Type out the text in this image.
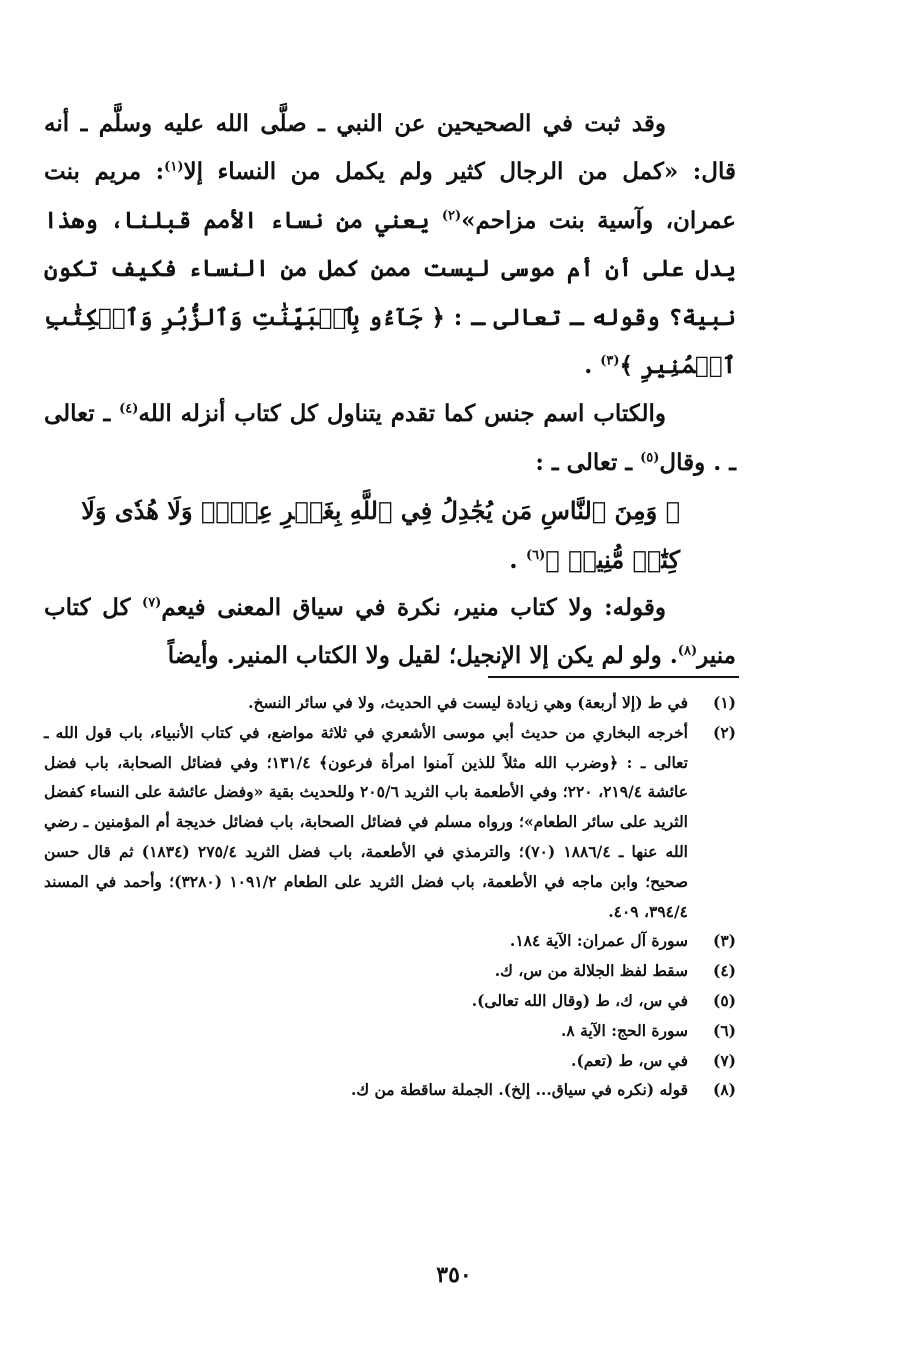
وقد ثبت في الصحيحين عن النبي ـ صلَّى الله عليه وسلَّم ـ أنه قال: «كمل من الرجال كثير ولم يكمل من النساء إلا$^{(١)}$: مريم بنت عمران، وآسية بنت مزاحم»$^{(٢)}$ يعني من نساء الأمم قبلنا، وهذا يدل على أن أم موسى ليست ممن كمل من النساء فكيف تكون نبية؟ وقوله ـ تعالى ـ : ﴿ جَآءُو بِٱلۡبَيِّنَٰتِ وَٱلزُّبُرِ وَٱلۡكِتَٰبِ ٱلۡمُنِيرِ ﴾$^{(٣)}$ .

والكتاب اسم جنس كما تقدم يتناول كل كتاب أنزله الله$^{(٤)}$ ـ تعالى ـ . وقال$^{(٥)}$ ـ تعالى ـ :

﴿ وَمِنَ ٱلنَّاسِ مَن يُجَٰدِلُ فِي ٱللَّهِ بِغَيۡرِ عِلۡمٖ وَلَا هُدٗى وَلَا كِتَٰبٖ مُّنِيرٖ ﴾$^{(٦)}$ .

وقوله: ولا كتاب منير، نكرة في سياق المعنى فيعم$^{(٧)}$ كل كتاب منير$^{(٨)}$. ولو لم يكن إلا الإنجيل؛ لقيل ولا الكتاب المنير. وأيضاً

(١)
في ط (إلا أربعة) وهي زيادة ليست في الحديث، ولا في سائر النسخ.
(٢)
أخرجه البخاري من حديث أبي موسى الأشعري في ثلاثة مواضع، في كتاب الأنبياء، باب قول الله ـ تعالى ـ : ﴿وضرب الله مثلاً للذين آمنوا امرأة فرعون﴾ ١٣١/٤؛ وفي فضائل الصحابة، باب فضل عائشة ٢١٩/٤، ٢٢٠؛ وفي الأطعمة باب الثريد ٢٠٥/٦ وللحديث بقية «وفضل عائشة على النساء كفضل الثريد على سائر الطعام»؛ ورواه مسلم في فضائل الصحابة، باب فضائل خديجة أم المؤمنين ـ رضي الله عنها ـ ١٨٨٦/٤ (٧٠)؛ والترمذي في الأطعمة، باب فضل الثريد ٢٧٥/٤ (١٨٣٤) ثم قال حسن صحيح؛ وابن ماجه في الأطعمة، باب فضل الثريد على الطعام ١٠٩١/٢ (٣٢٨٠)؛ وأحمد في المسند ٣٩٤/٤، ٤٠٩.
(٣)
سورة آل عمران: الآية ١٨٤.
(٤)
سقط لفظ الجلالة من س، ك.
(٥)
في س، ك، ط (وقال الله تعالى).
(٦)
سورة الحج: الآية ٨.
(٧)
في س، ط (تعم).
(٨)
قوله (نكره في سياق... إلخ). الجملة ساقطة من ك.
٣٥٠
